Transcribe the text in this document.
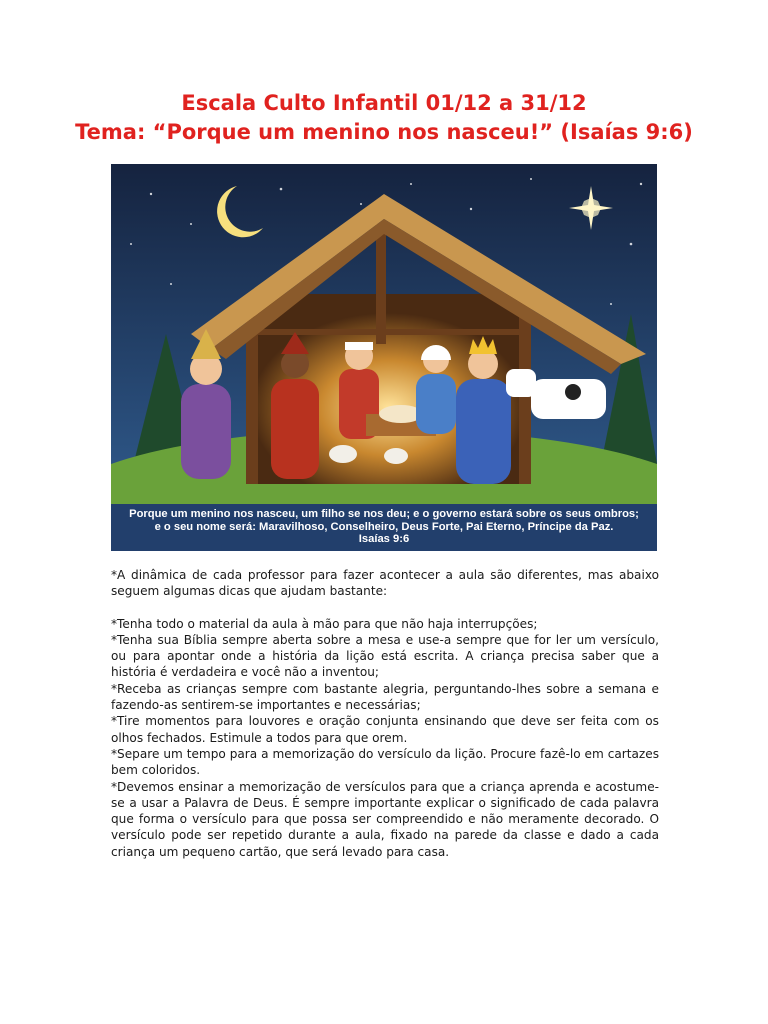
Escala Culto Infantil 01/12 a 31/12
Tema: “Porque um menino nos nasceu!” (Isaías 9:6)
Porque um menino nos nasceu, um filho se nos deu; e o governo estará sobre os seus ombros;
e o seu nome será: Maravilhoso, Conselheiro, Deus Forte, Pai Eterno, Príncipe da Paz.
Isaías 9:6

*A dinâmica de cada professor para fazer acontecer a aula são diferentes, mas abaixo seguem algumas dicas que ajudam bastante:

*Tenha todo o material da aula à mão para que não haja interrupções;

*Tenha sua Bíblia sempre aberta sobre a mesa e use-a sempre que for ler um versículo, ou para apontar onde a história da lição está escrita. A criança precisa saber que a história é verdadeira e você não a inventou;

*Receba as crianças sempre com bastante alegria, perguntando-lhes sobre a semana e fazendo-as sentirem-se importantes e necessárias;

*Tire momentos para louvores e oração conjunta ensinando que deve ser feita com os olhos fechados. Estimule a todos para que orem.

*Separe um tempo para a memorização do versículo da lição. Procure fazê-lo em cartazes bem coloridos.

*Devemos ensinar a memorização de versículos para que a criança aprenda e acostume-se a usar a Palavra de Deus. É sempre importante explicar o significado de cada palavra que forma o versículo para que possa ser compreendido e não meramente decorado. O versículo pode ser repetido durante a aula, fixado na parede da classe e dado a cada criança um pequeno cartão, que será levado para casa.
